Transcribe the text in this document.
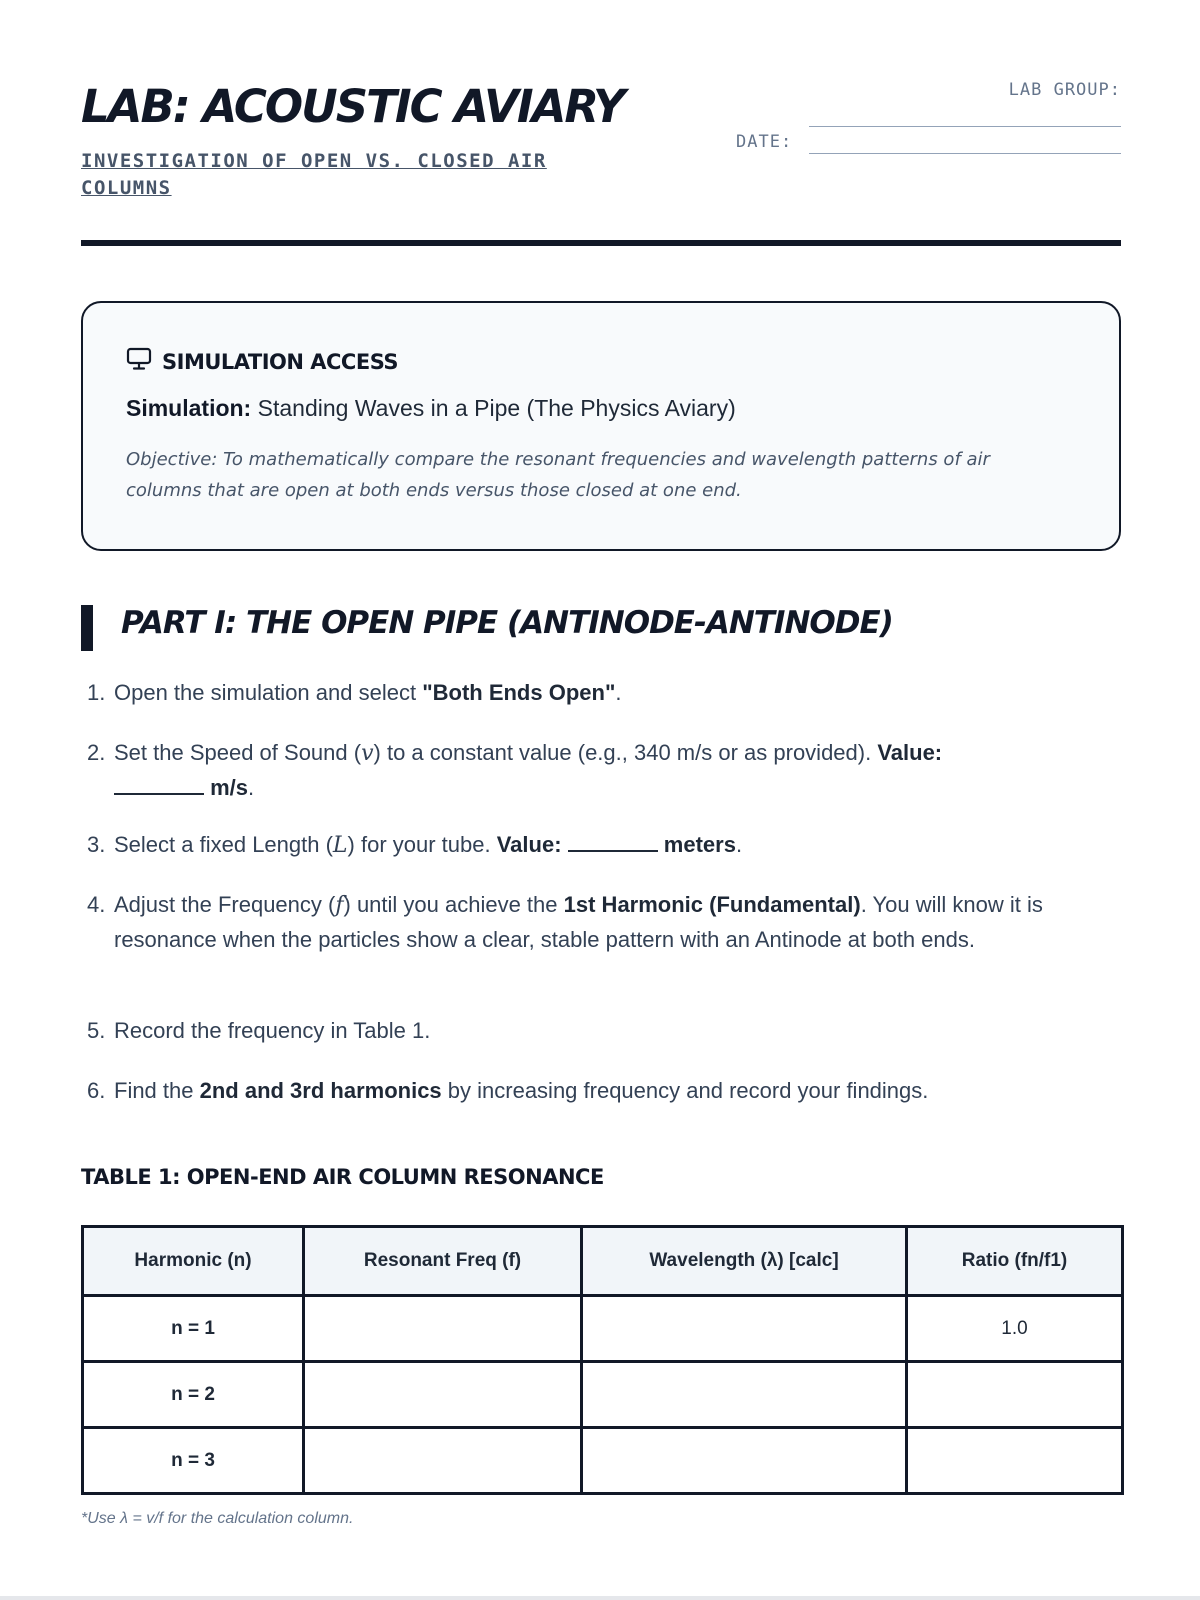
LAB: ACOUSTIC AVIARY
INVESTIGATION OF OPEN VS. CLOSED AIR COLUMNS
LAB GROUP:
DATE:
SIMULATION ACCESS
Simulation: Standing Waves in a Pipe (The Physics Aviary)
Objective: To mathematically compare the resonant frequencies and wavelength patterns of air columns that are open at both ends versus those closed at one end.
PART I: THE OPEN PIPE (ANTINODE-ANTINODE)
1. Open the simulation and select "Both Ends Open".
2. Set the Speed of Sound (v) to a constant value (e.g., 340 m/s or as provided). Value:
m/s.
3. Select a fixed Length (L) for your tube. Value:	meters.
4. Adjust the Frequency (f) until you achieve the 1st Harmonic (Fundamental). You will know it is resonance when the particles show a clear, stable pattern with an Antinode at both ends.
5. Record the frequency in Table 1.
6. Find the 2nd and 3rd harmonics by increasing frequency and record your findings.
TABLE 1: OPEN-END AIR COLUMN RESONANCE
Harmonic (n)	Resonant Freq (f)	Wavelength (λ) [calc]	Ratio (fn/f1)
n = 1			1.0
n = 2			
n = 3			
*Use λ = v/f for the calculation column.
